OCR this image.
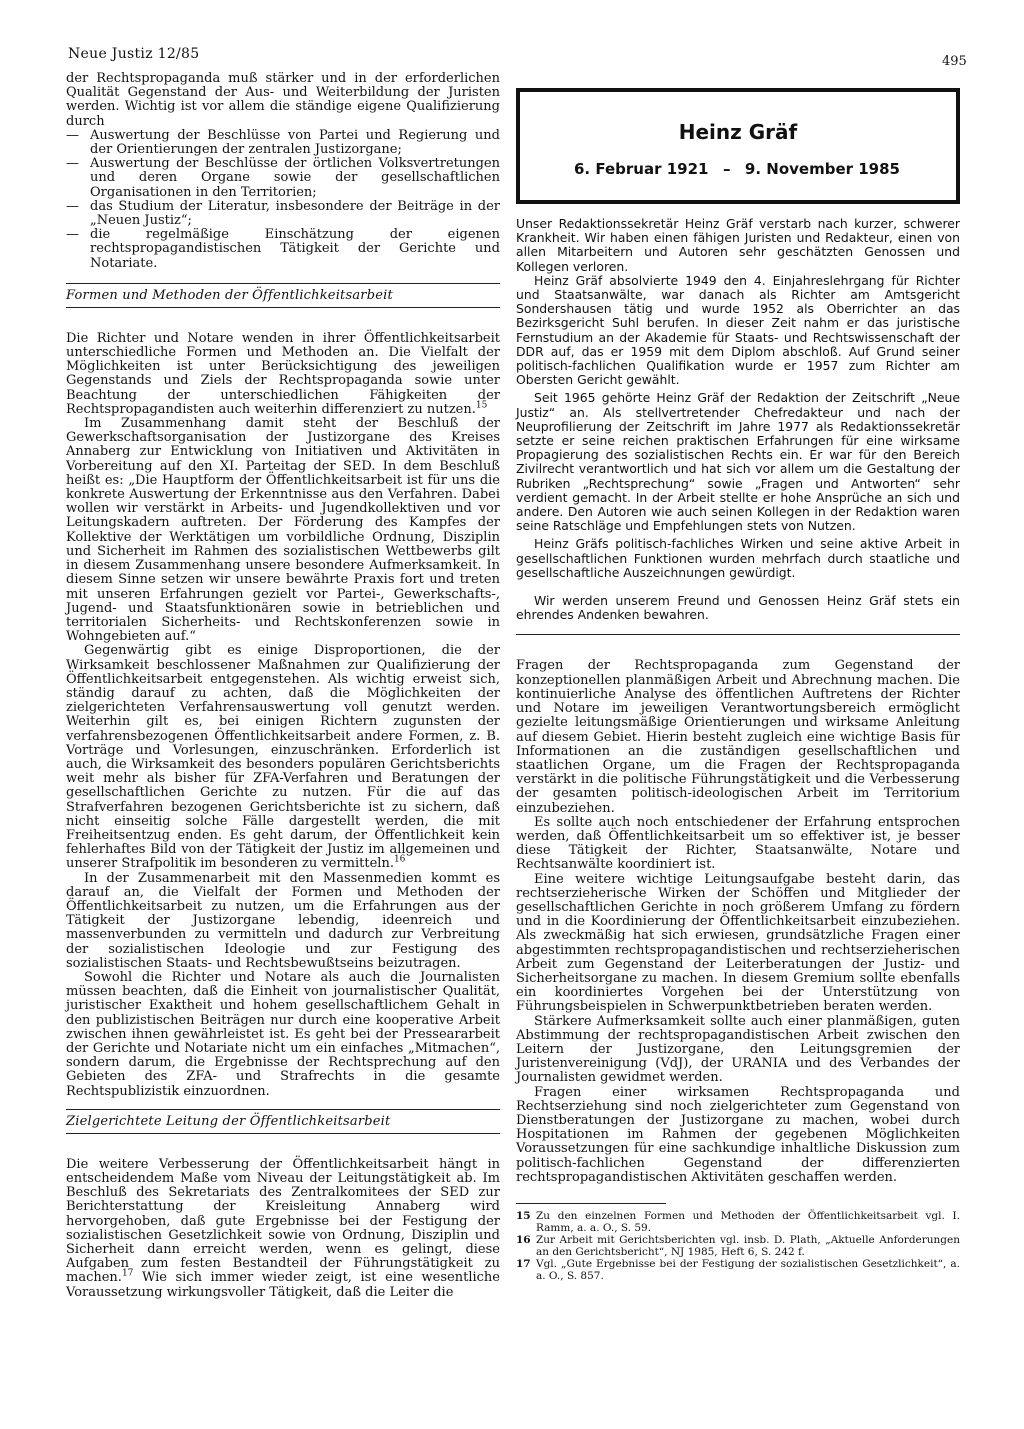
Neue Justiz 12/85	495

der Rechtspropaganda muß stärker und in der erforderlichen Qualität Gegenstand der Aus- und Weiterbildung der Juristen werden. Wichtig ist vor allem die ständige eigene Qualifizierung durch

— Auswertung der Beschlüsse von Partei und Regierung und der Orientierungen der zentralen Justizorgane;
— Auswertung der Beschlüsse der örtlichen Volksvertretungen und deren Organe sowie der gesellschaftlichen Organisationen in den Territorien;
— das Studium der Literatur, insbesondere der Beiträge in der „Neuen Justiz“;
— die regelmäßige Einschätzung der eigenen rechtspropagandistischen Tätigkeit der Gerichte und Notariate.
Formen und Methoden der Öffentlichkeitsarbeit

Die Richter und Notare wenden in ihrer Öffentlichkeitsarbeit unterschiedliche Formen und Methoden an. Die Vielfalt der Möglichkeiten ist unter Berücksichtigung des jeweiligen Gegenstands und Ziels der Rechtspropaganda sowie unter Beachtung der unterschiedlichen Fähigkeiten der Rechtspropagandisten auch weiterhin differenziert zu nutzen.$^{15}$

Im Zusammenhang damit steht der Beschluß der Gewerkschaftsorganisation der Justizorgane des Kreises Annaberg zur Entwicklung von Initiativen und Aktivitäten in Vorbereitung auf den XI. Parteitag der SED. In dem Beschluß heißt es: „Die Hauptform der Öffentlichkeitsarbeit ist für uns die konkrete Auswertung der Erkenntnisse aus den Verfahren. Dabei wollen wir verstärkt in Arbeits- und Jugendkollektiven und vor Leitungskadern auftreten. Der Förderung des Kampfes der Kollektive der Werktätigen um vorbildliche Ordnung, Disziplin und Sicherheit im Rahmen des sozialistischen Wettbewerbs gilt in diesem Zusammenhang unsere besondere Aufmerksamkeit. In diesem Sinne setzen wir unsere bewährte Praxis fort und treten mit unseren Erfahrungen gezielt vor Partei-, Gewerkschafts-, Jugend- und Staatsfunktionären sowie in betrieblichen und territorialen Sicherheits- und Rechtskonferenzen sowie in Wohngebieten auf.“

Gegenwärtig gibt es einige Disproportionen, die der Wirksamkeit beschlossener Maßnahmen zur Qualifizierung der Öffentlichkeitsarbeit entgegenstehen. Als wichtig erweist sich, ständig darauf zu achten, daß die Möglichkeiten der zielgerichteten Verfahrensauswertung voll genutzt werden. Weiterhin gilt es, bei einigen Richtern zugunsten der verfahrensbezogenen Öffentlichkeitsarbeit andere Formen, z. B. Vorträge und Vorlesungen, einzuschränken. Erforderlich ist auch, die Wirksamkeit des besonders populären Gerichtsberichts weit mehr als bisher für ZFA-Verfahren und Beratungen der gesellschaftlichen Gerichte zu nutzen. Für die auf das Strafverfahren bezogenen Gerichtsberichte ist zu sichern, daß nicht einseitig solche Fälle dargestellt werden, die mit Freiheitsentzug enden. Es geht darum, der Öffentlichkeit kein fehlerhaftes Bild von der Tätigkeit der Justiz im allgemeinen und unserer Strafpolitik im besonderen zu vermitteln.$^{16}$

In der Zusammenarbeit mit den Massenmedien kommt es darauf an, die Vielfalt der Formen und Methoden der Öffentlichkeitsarbeit zu nutzen, um die Erfahrungen aus der Tätigkeit der Justizorgane lebendig, ideenreich und massenverbunden zu vermitteln und dadurch zur Verbreitung der sozialistischen Ideologie und zur Festigung des sozialistischen Staats- und Rechtsbewußtseins beizutragen.

Sowohl die Richter und Notare als auch die Journalisten müssen beachten, daß die Einheit von journalistischer Qualität, juristischer Exaktheit und hohem gesellschaftlichem Gehalt in den publizistischen Beiträgen nur durch eine kooperative Arbeit zwischen ihnen gewährleistet ist. Es geht bei der Presseararbeit der Gerichte und Notariate nicht um ein einfaches „Mitmachen“, sondern darum, die Ergebnisse der Rechtsprechung auf den Gebieten des ZFA- und Strafrechts in die gesamte Rechtspublizistik einzuordnen.

Zielgerichtete Leitung der Öffentlichkeitsarbeit

Die weitere Verbesserung der Öffentlichkeitsarbeit hängt in entscheidendem Maße vom Niveau der Leitungstätigkeit ab. Im Beschluß des Sekretariats des Zentralkomitees der SED zur Berichterstattung der Kreisleitung Annaberg wird hervorgehoben, daß gute Ergebnisse bei der Festigung der sozialistischen Gesetzlichkeit sowie von Ordnung, Disziplin und Sicherheit dann erreicht werden, wenn es gelingt, diese Aufgaben zum festen Bestandteil der Führungstätigkeit zu machen.$^{17}$ Wie sich immer wieder zeigt, ist eine wesentliche Voraussetzung wirkungsvoller Tätigkeit, daß die Leiter die

Heinz Gräf
6. Februar 1921 – 9. November 1985

Unser Redaktionssekretär Heinz Gräf verstarb nach kurzer, schwerer Krankheit. Wir haben einen fähigen Juristen und Redakteur, einen von allen Mitarbeitern und Autoren sehr geschätzten Genossen und Kollegen verloren.

Heinz Gräf absolvierte 1949 den 4. Einjahreslehrgang für Richter und Staatsanwälte, war danach als Richter am Amtsgericht Sondershausen tätig und wurde 1952 als Oberrichter an das Bezirksgericht Suhl berufen. In dieser Zeit nahm er das juristische Fernstudium an der Akademie für Staats- und Rechtswissenschaft der DDR auf, das er 1959 mit dem Diplom abschloß. Auf Grund seiner politisch-fachlichen Qualifikation wurde er 1957 zum Richter am Obersten Gericht gewählt.

Seit 1965 gehörte Heinz Gräf der Redaktion der Zeitschrift „Neue Justiz“ an. Als stellvertretender Chefredakteur und nach der Neuprofilierung der Zeitschrift im Jahre 1977 als Redaktionssekretär setzte er seine reichen praktischen Erfahrungen für eine wirksame Propagierung des sozialistischen Rechts ein. Er war für den Bereich Zivilrecht verantwortlich und hat sich vor allem um die Gestaltung der Rubriken „Rechtsprechung“ sowie „Fragen und Antworten“ sehr verdient gemacht. In der Arbeit stellte er hohe Ansprüche an sich und andere. Den Autoren wie auch seinen Kollegen in der Redaktion waren seine Ratschläge und Empfehlungen stets von Nutzen.

Heinz Gräfs politisch-fachliches Wirken und seine aktive Arbeit in gesellschaftlichen Funktionen wurden mehrfach durch staatliche und gesellschaftliche Auszeichnungen gewürdigt.

Wir werden unserem Freund und Genossen Heinz Gräf stets ein ehrendes Andenken bewahren.

Fragen der Rechtspropaganda zum Gegenstand der konzeptionellen planmäßigen Arbeit und Abrechnung machen. Die kontinuierliche Analyse des öffentlichen Auftretens der Richter und Notare im jeweiligen Verantwortungsbereich ermöglicht gezielte leitungsmäßige Orientierungen und wirksame Anleitung auf diesem Gebiet. Hierin besteht zugleich eine wichtige Basis für Informationen an die zuständigen gesellschaftlichen und staatlichen Organe, um die Fragen der Rechtspropaganda verstärkt in die politische Führungstätigkeit und die Verbesserung der gesamten politisch-ideologischen Arbeit im Territorium einzubeziehen.

Es sollte auch noch entschiedener der Erfahrung entsprochen werden, daß Öffentlichkeitsarbeit um so effektiver ist, je besser diese Tätigkeit der Richter, Staatsanwälte, Notare und Rechtsanwälte koordiniert ist.

Eine weitere wichtige Leitungsaufgabe besteht darin, das rechtserzieherische Wirken der Schöffen und Mitglieder der gesellschaftlichen Gerichte in noch größerem Umfang zu fördern und in die Koordinierung der Öffentlichkeitsarbeit einzubeziehen. Als zweckmäßig hat sich erwiesen, grundsätzliche Fragen einer abgestimmten rechtspropagandistischen und rechtserzieherischen Arbeit zum Gegenstand der Leiterberatungen der Justiz- und Sicherheitsorgane zu machen. In diesem Gremium sollte ebenfalls ein koordiniertes Vorgehen bei der Unterstützung von Führungsbeispielen in Schwerpunktbetrieben beraten werden.

Stärkere Aufmerksamkeit sollte auch einer planmäßigen, guten Abstimmung der rechtspropagandistischen Arbeit zwischen den Leitern der Justizorgane, den Leitungsgremien der Juristenvereinigung (VdJ), der URANIA und des Verbandes der Journalisten gewidmet werden.

Fragen einer wirksamen Rechtspropaganda und Rechtserziehung sind noch zielgerichteter zum Gegenstand von Dienstberatungen der Justizorgane zu machen, wobei durch Hospitationen im Rahmen der gegebenen Möglichkeiten Voraussetzungen für eine sachkundige inhaltliche Diskussion zum politisch-fachlichen Gegenstand der differenzierten rechtspropagandistischen Aktivitäten geschaffen werden.

15 Zu den einzelnen Formen und Methoden der Öffentlichkeitsarbeit vgl. I. Ramm, a. a. O., S. 59.
16 Zur Arbeit mit Gerichtsberichten vgl. insb. D. Plath, „Aktuelle Anforderungen an den Gerichtsbericht“, NJ 1985, Heft 6, S. 242 f.
17 Vgl. „Gute Ergebnisse bei der Festigung der sozialistischen Gesetzlichkeit“, a. a. O., S. 857.
